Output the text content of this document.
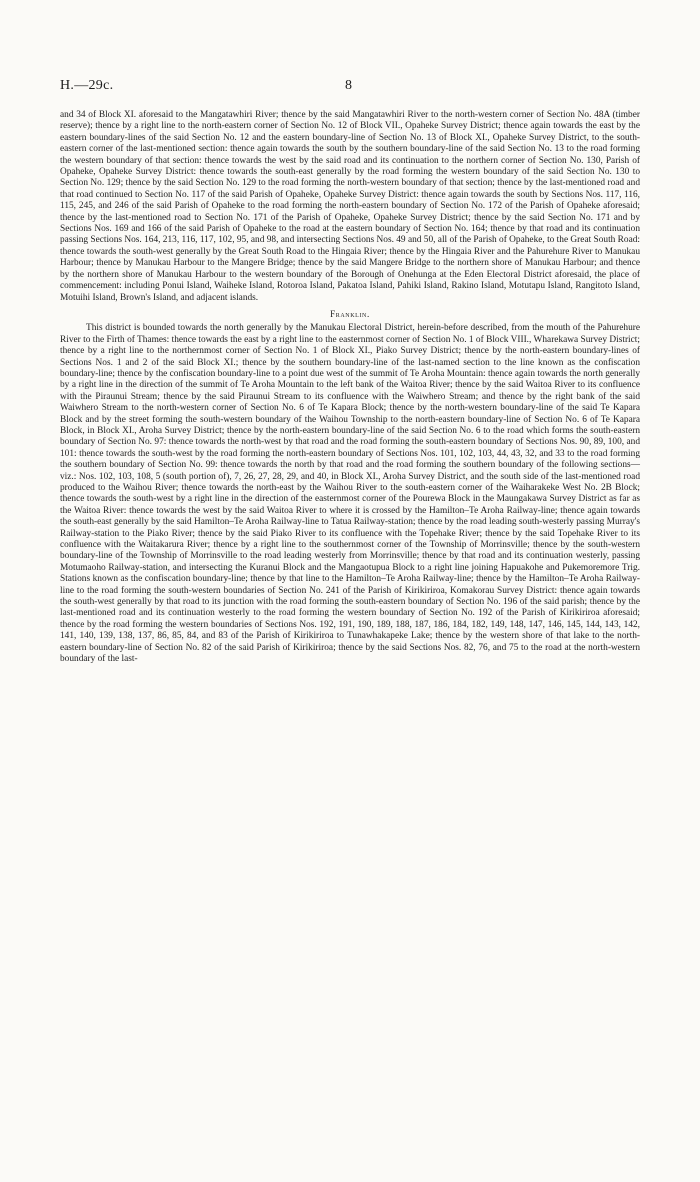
H.—29c.	8

and 34 of Block XI. aforesaid to the Mangatawhiri River; thence by the said Mangatawhiri River to the north-western corner of Section No. 48A (timber reserve); thence by a right line to the north-eastern corner of Section No. 12 of Block VII., Opaheke Survey District; thence again towards the east by the eastern boundary-lines of the said Section No. 12 and the eastern boundary-line of Section No. 13 of Block XI., Opaheke Survey District, to the south-eastern corner of the last-mentioned section: thence again towards the south by the southern boundary-line of the said Section No. 13 to the road forming the western boundary of that section: thence towards the west by the said road and its continuation to the northern corner of Section No. 130, Parish of Opaheke, Opaheke Survey District: thence towards the south-east generally by the road forming the western boundary of the said Section No. 130 to Section No. 129; thence by the said Section No. 129 to the road forming the north-western boundary of that section; thence by the last-mentioned road and that road continued to Section No. 117 of the said Parish of Opaheke, Opaheke Survey District: thence again towards the south by Sections Nos. 117, 116, 115, 245, and 246 of the said Parish of Opaheke to the road forming the north-eastern boundary of Section No. 172 of the Parish of Opaheke aforesaid; thence by the last-mentioned road to Section No. 171 of the Parish of Opaheke, Opaheke Survey District; thence by the said Section No. 171 and by Sections Nos. 169 and 166 of the said Parish of Opaheke to the road at the eastern boundary of Section No. 164; thence by that road and its continuation passing Sections Nos. 164, 213, 116, 117, 102, 95, and 98, and intersecting Sections Nos. 49 and 50, all of the Parish of Opaheke, to the Great South Road: thence towards the south-west generally by the Great South Road to the Hingaia River; thence by the Hingaia River and the Pahurehure River to Manukau Harbour; thence by Manukau Harbour to the Mangere Bridge; thence by the said Mangere Bridge to the northern shore of Manukau Harbour; and thence by the northern shore of Manukau Harbour to the western boundary of the Borough of Onehunga at the Eden Electoral District aforesaid, the place of commencement: including Ponui Island, Waiheke Island, Rotoroa Island, Pakatoa Island, Pahiki Island, Rakino Island, Motutapu Island, Rangitoto Island, Motuihi Island, Brown's Island, and adjacent islands.

Franklin.

This district is bounded towards the north generally by the Manukau Electoral District, herein-before described, from the mouth of the Pahurehure River to the Firth of Thames: thence towards the east by a right line to the easternmost corner of Section No. 1 of Block VIII., Wharekawa Survey District; thence by a right line to the northernmost corner of Section No. 1 of Block XI., Piako Survey District; thence by the north-eastern boundary-lines of Sections Nos. 1 and 2 of the said Block XI.; thence by the southern boundary-line of the last-named section to the line known as the confiscation boundary-line; thence by the confiscation boundary-line to a point due west of the summit of Te Aroha Mountain: thence again towards the north generally by a right line in the direction of the summit of Te Aroha Mountain to the left bank of the Waitoa River; thence by the said Waitoa River to its confluence with the Piraunui Stream; thence by the said Piraunui Stream to its confluence with the Waiwhero Stream; and thence by the right bank of the said Waiwhero Stream to the north-western corner of Section No. 6 of Te Kapara Block; thence by the north-western boundary-line of the said Te Kapara Block and by the street forming the south-western boundary of the Waihou Township to the north-eastern boundary-line of Section No. 6 of Te Kapara Block, in Block XI., Aroha Survey District; thence by the north-eastern boundary-line of the said Section No. 6 to the road which forms the south-eastern boundary of Section No. 97: thence towards the north-west by that road and the road forming the south-eastern boundary of Sections Nos. 90, 89, 100, and 101: thence towards the south-west by the road forming the north-eastern boundary of Sections Nos. 101, 102, 103, 44, 43, 32, and 33 to the road forming the southern boundary of Section No. 99: thence towards the north by that road and the road forming the southern boundary of the following sections—viz.: Nos. 102, 103, 108, 5 (south portion of), 7, 26, 27, 28, 29, and 40, in Block XI., Aroha Survey District, and the south side of the last-mentioned road produced to the Waihou River; thence towards the north-east by the Waihou River to the south-eastern corner of the Waiharakeke West No. 2B Block; thence towards the south-west by a right line in the direction of the easternmost corner of the Pourewa Block in the Maungakawa Survey District as far as the Waitoa River: thence towards the west by the said Waitoa River to where it is crossed by the Hamilton–Te Aroha Railway-line; thence again towards the south-east generally by the said Hamilton–Te Aroha Railway-line to Tatua Railway-station; thence by the road leading south-westerly passing Murray's Railway-station to the Piako River; thence by the said Piako River to its confluence with the Topehake River; thence by the said Topehake River to its confluence with the Waitakarura River; thence by a right line to the southernmost corner of the Township of Morrinsville; thence by the south-western boundary-line of the Township of Morrinsville to the road leading westerly from Morrinsville; thence by that road and its continuation westerly, passing Motumaoho Railway-station, and intersecting the Kuranui Block and the Mangaotupua Block to a right line joining Hapuakohe and Pukemoremore Trig. Stations known as the confiscation boundary-line; thence by that line to the Hamilton–Te Aroha Railway-line; thence by the Hamilton–Te Aroha Railway-line to the road forming the south-western boundaries of Section No. 241 of the Parish of Kirikiriroa, Komakorau Survey District: thence again towards the south-west generally by that road to its junction with the road forming the south-eastern boundary of Section No. 196 of the said parish; thence by the last-mentioned road and its continuation westerly to the road forming the western boundary of Section No. 192 of the Parish of Kirikiriroa aforesaid; thence by the road forming the western boundaries of Sections Nos. 192, 191, 190, 189, 188, 187, 186, 184, 182, 149, 148, 147, 146, 145, 144, 143, 142, 141, 140, 139, 138, 137, 86, 85, 84, and 83 of the Parish of Kirikiriroa to Tunawhakapeke Lake; thence by the western shore of that lake to the north-eastern boundary-line of Section No. 82 of the said Parish of Kirikiriroa; thence by the said Sections Nos. 82, 76, and 75 to the road at the north-western boundary of the last-
